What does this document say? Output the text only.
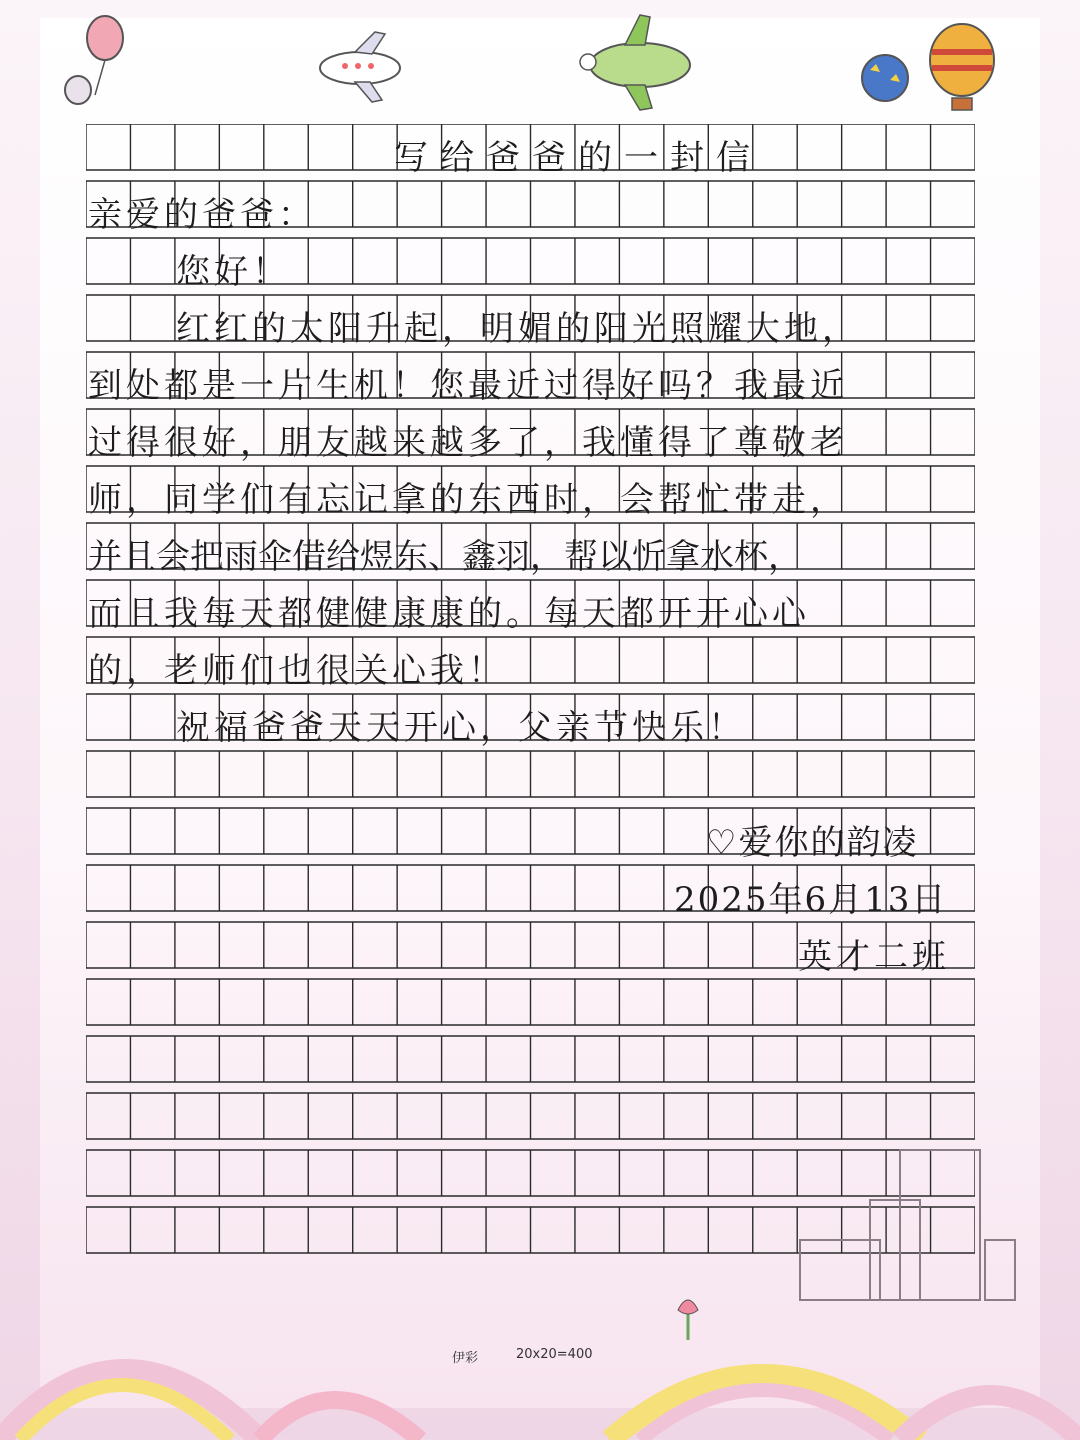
写给爸爸的一封信
亲爱的爸爸：
您好！
红红的太阳升起，明媚的阳光照耀大地，
到处都是一片生机！您最近过得好吗？我最近
过得很好，朋友越来越多了，我懂得了尊敬老
师，同学们有忘记拿的东西时，会帮忙带走，
并且会把雨伞借给煜东、鑫羽，帮以忻拿水杯，
而且我每天都健健康康的。每天都开开心心
的，老师们也很关心我！
祝福爸爸天天开心，父亲节快乐！
♡爱你的韵凌
2025年6月13日
英才二班
伊彩	20x20=400
